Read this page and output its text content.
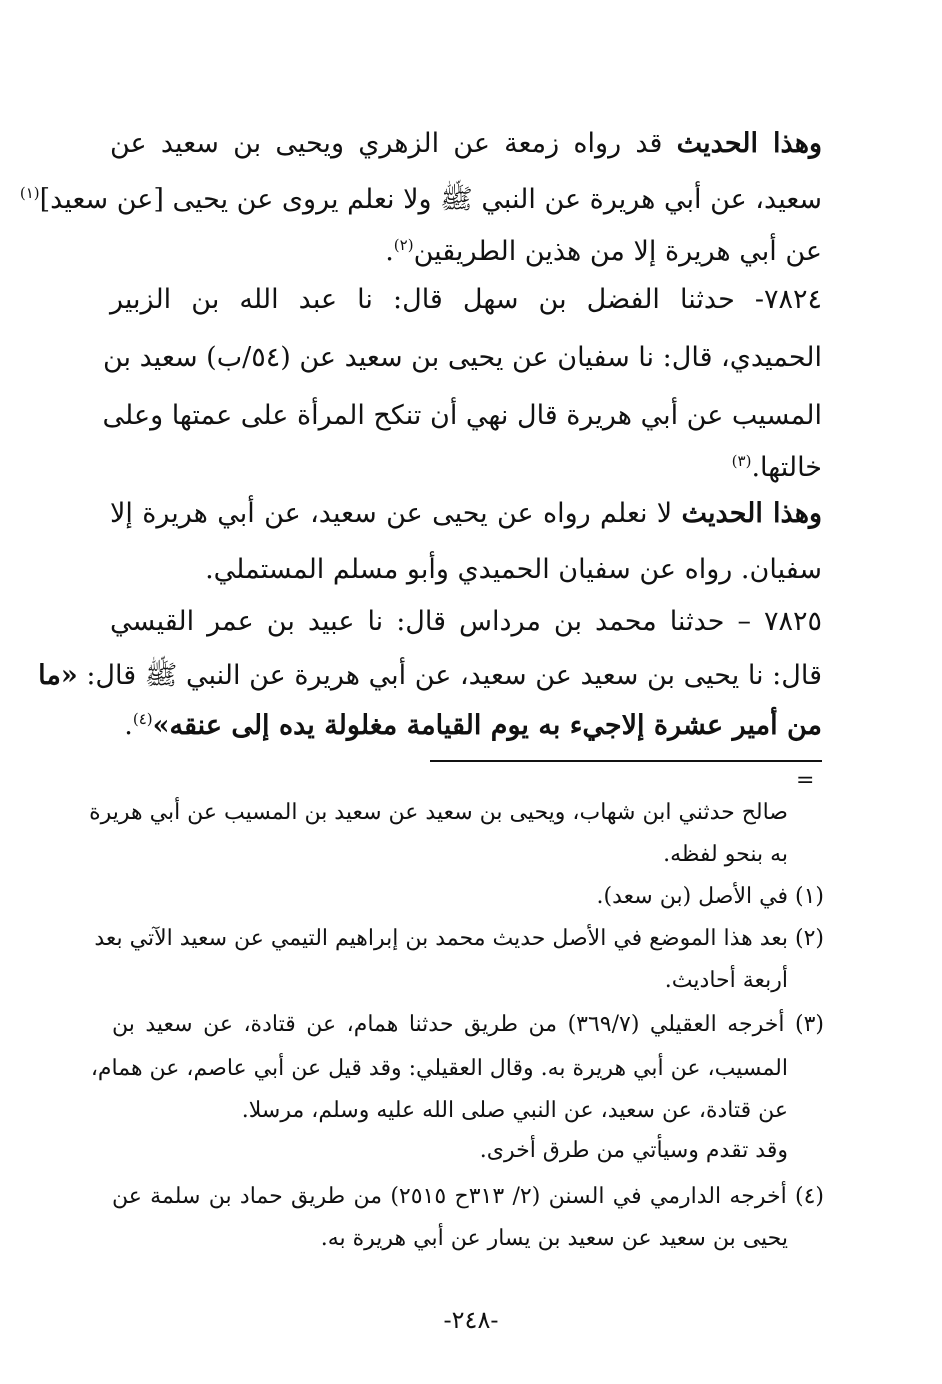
وهذا الحديث قد رواه زمعة عن الزهري ويحيى بن سعيد عن
سعيد، عن أبي هريرة عن النبي ﷺ ولا نعلم يروى عن يحيى [عن سعيد]$^{(١)}$
عن أبي هريرة إلا من هذين الطريقين$^{(٢)}$.
٧٨٢٤- حدثنا الفضل بن سهل قال: نا عبد الله بن الزبير
الحميدي، قال: نا سفيان عن يحيى بن سعيد عن (٥٤/ب) سعيد بن
المسيب عن أبي هريرة قال نهي أن تنكح المرأة على عمتها وعلى
خالتها.$^{(٣)}$
وهذا الحديث لا نعلم رواه عن يحيى عن سعيد، عن أبي هريرة إلا
سفيان. رواه عن سفيان الحميدي وأبو مسلم المستملي.
٧٨٢٥ – حدثنا محمد بن مرداس قال: نا عبيد بن عمر القيسي
قال: نا يحيى بن سعيد عن سعيد، عن أبي هريرة عن النبي ﷺ قال: «ما
من أمير عشرة إلاجيء به يوم القيامة مغلولة يده إلى عنقه»$^{(٤)}$.
=
صالح حدثني ابن شهاب، ويحيى بن سعيد عن سعيد بن المسيب عن أبي هريرة
به بنحو لفظه.
(١) في الأصل (بن سعد).
(٢) بعد هذا الموضع في الأصل حديث محمد بن إبراهيم التيمي عن سعيد الآتي بعد
أربعة أحاديث.
(٣) أخرجه العقيلي (٣٦٩/٧) من طريق حدثنا همام، عن قتادة، عن سعيد بن
المسيب، عن أبي هريرة به. وقال العقيلي: وقد قيل عن أبي عاصم، عن همام،
عن قتادة، عن سعيد، عن النبي صلى الله عليه وسلم، مرسلا.
وقد تقدم وسيأتي من طرق أخرى.
(٤) أخرجه الدارمي في السنن (٢/ ٣١٣ح ٢٥١٥) من طريق حماد بن سلمة عن
يحيى بن سعيد عن سعيد بن يسار عن أبي هريرة به.
-٢٤٨-
